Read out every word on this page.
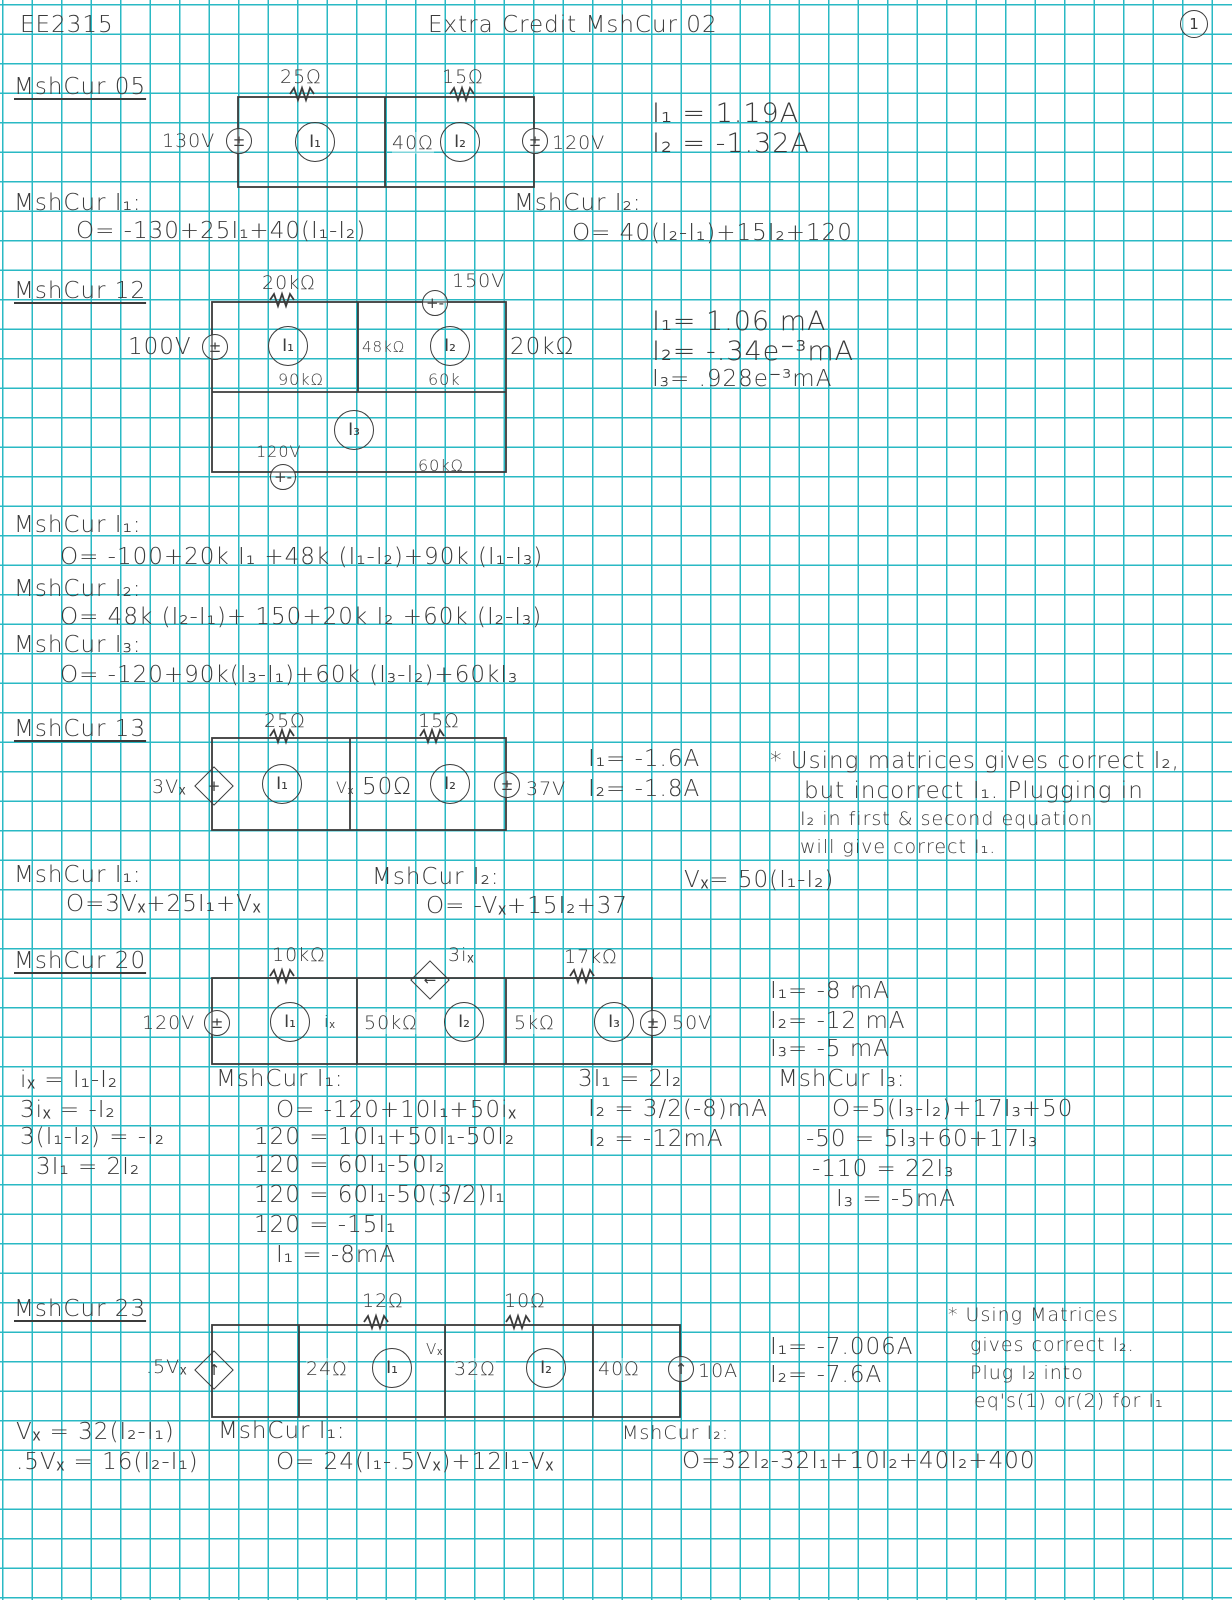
EE2315	Extra Credit MshCur 02	1
MshCur 05	25Ω	15Ω
130V	±	I₁	40Ω	I₂	± 120V
I₁ = 1.19A
I₂ = -1.32A
MshCur I₁:
O= -130+25I₁+40(I₁-I₂)
MshCur I₂:
O= 40(I₂-I₁)+15I₂+120
MshCur 12	20kΩ
+-
150V
100V	±	I₁	48kΩ	I₂	20kΩ
90kΩ	60k
I₃
120V
+-
60kΩ
I₁= 1.06 mA
I₂= -.34e⁻³mA
I₃= .928e⁻³mA
MshCur I₁:
O= -100+20k I₁ +48k (I₁-I₂)+90k (I₁-I₃)
MshCur I₂:
O= 48k (I₂-I₁)+ 150+20k I₂ +60k (I₂-I₃)
MshCur I₃:
O= -120+90k(I₃-I₁)+60k (I₃-I₂)+60kI₃
MshCur 13	25Ω	15Ω
3Vₓ	+	I₁	Vₓ 50Ω	I₂	± 37V
I₁= -1.6A
I₂= -1.8A
* Using matrices gives correct I₂,
but incorrect I₁. Plugging in
I₂ in first & second equation
will give correct I₁.
MshCur I₁:
O=3Vₓ+25I₁+Vₓ
MshCur I₂:
O= -Vₓ+15I₂+37
Vₓ= 50(I₁-I₂)
MshCur 20	10kΩ
←
3iₓ	17kΩ
120V	±	I₁	iₓ 50kΩ	I₂	5kΩ	I₃	± 50V
I₁= -8 mA
I₂= -12 mA
I₃= -5 mA
iₓ = I₁-I₂
3iₓ = -I₂
3(I₁-I₂) = -I₂
3I₁ = 2I₂
MshCur I₁:
O= -120+10I₁+50iₓ
120 = 10I₁+50I₁-50I₂
120 = 60I₁-50I₂
120 = 60I₁-50(3/2)I₁
120 = -15I₁
I₁ = -8mA
3I₁ = 2I₂
I₂ = 3/2(-8)mA
I₂ = -12mA
MshCur I₃:
O=5(I₃-I₂)+17I₃+50
-50 = 5I₃+60+17I₃
-110 = 22I₃
I₃ = -5mA
MshCur 23	12Ω	10Ω
.5Vₓ	↑	24Ω	I₁
Vₓ
32Ω	I₂	40Ω	↑ 10A
I₁= -7.006A
I₂= -7.6A
* Using Matrices
gives correct I₂.
Plug I₂ into
eq's(1) or(2) for I₁
Vₓ = 32(I₂-I₁)
.5Vₓ = 16(I₂-I₁)
MshCur I₁:
O= 24(I₁-.5Vₓ)+12I₁-Vₓ
MshCur I₂:
O=32I₂-32I₁+10I₂+40I₂+400
